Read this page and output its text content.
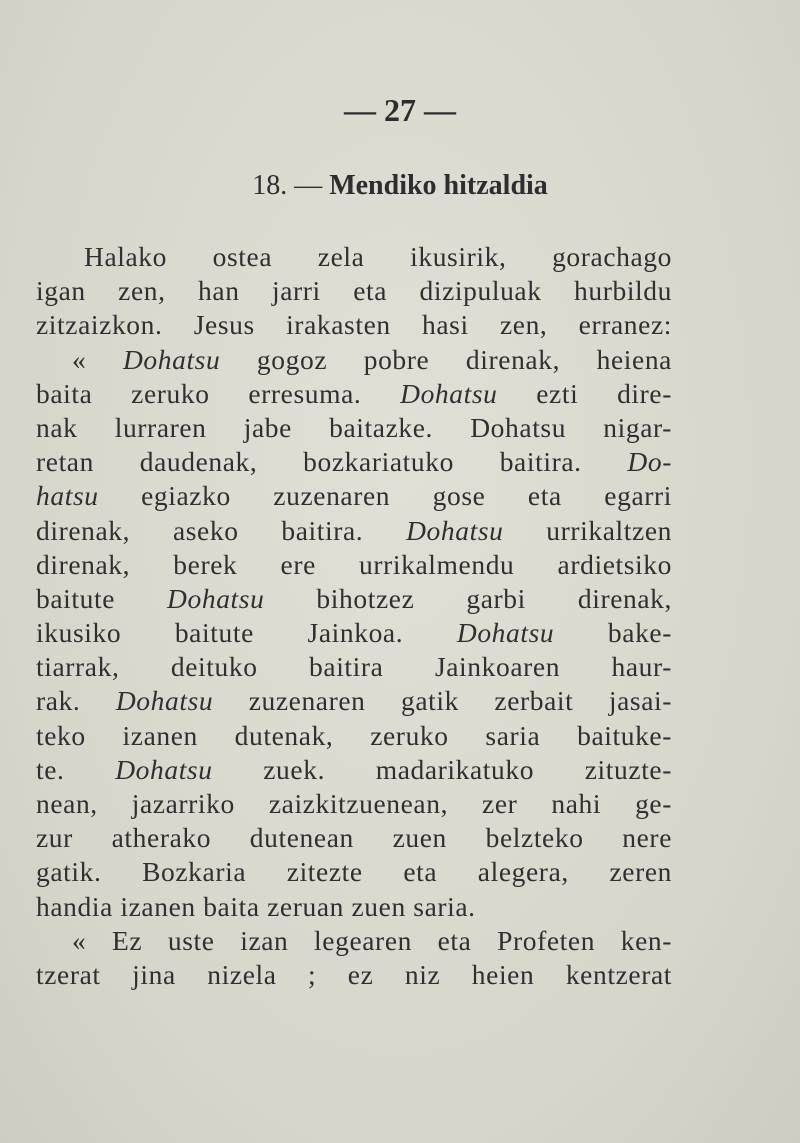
— 27 —
18. — Mendiko hitzaldia
Halako ostea zela ikusirik, gorachago
igan zen, han jarri eta dizipuluak hurbildu
zitzaizkon. Jesus irakasten hasi zen, erranez:
« Dohatsu gogoz pobre direnak, heiena
baita zeruko erresuma. Dohatsu ezti dire-
nak lurraren jabe baitazke. Dohatsu nigar-
retan daudenak, bozkariatuko baitira. Do-
hatsu egiazko zuzenaren gose eta egarri
direnak, aseko baitira. Dohatsu urrikaltzen
direnak, berek ere urrikalmendu ardietsiko
baitute Dohatsu bihotzez garbi direnak,
ikusiko baitute Jainkoa. Dohatsu bake-
tiarrak, deituko baitira Jainkoaren haur-
rak. Dohatsu zuzenaren gatik zerbait jasai-
teko izanen dutenak, zeruko saria baituke-
te. Dohatsu zuek. madarikatuko zituzte-
nean, jazarriko zaizkitzuenean, zer nahi ge-
zur atherako dutenean zuen belzteko nere
gatik. Bozkaria zitezte eta alegera, zeren
handia izanen baita zeruan zuen saria.
« Ez uste izan legearen eta Profeten ken-
tzerat jina nizela ; ez niz heien kentzerat
